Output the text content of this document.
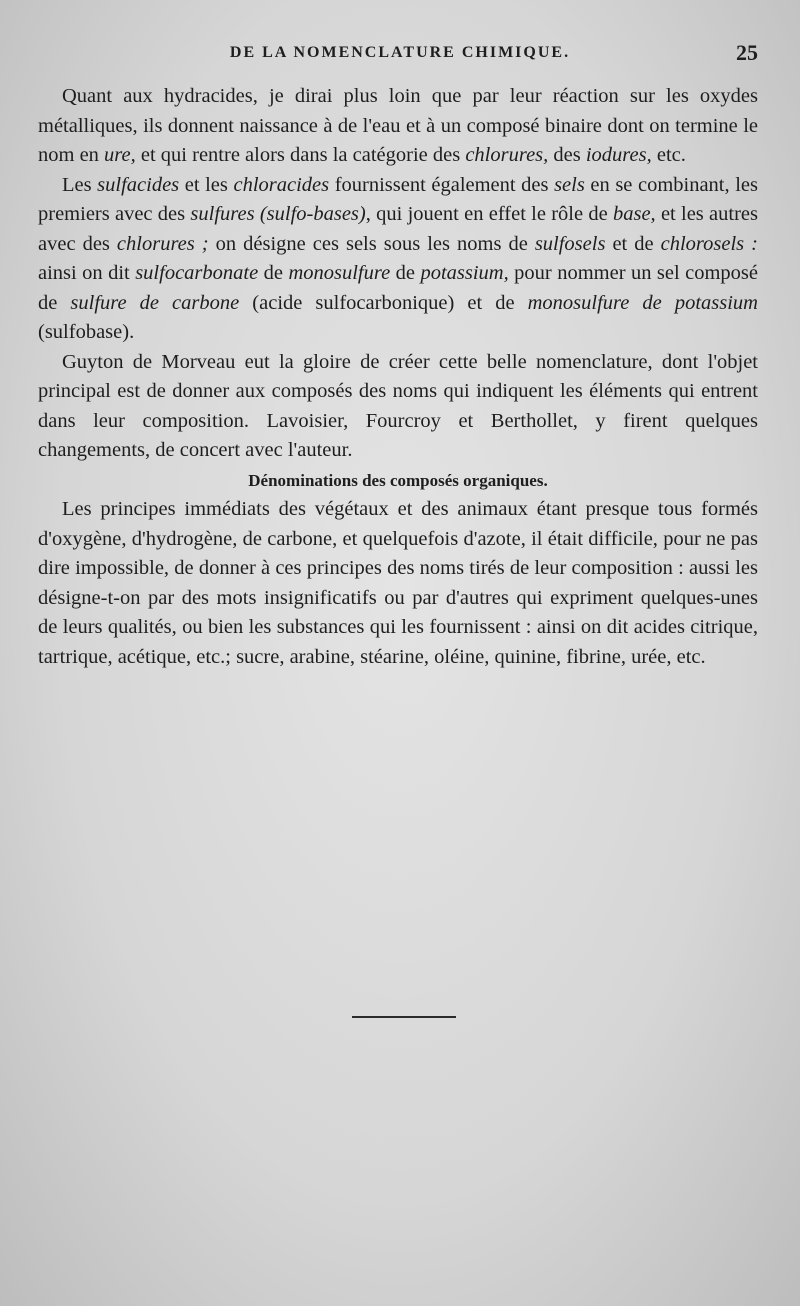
DE LA NOMENCLATURE CHIMIQUE.	25

Quant aux hydracides, je dirai plus loin que par leur réaction sur les oxydes métalliques, ils donnent naissance à de l'eau et à un composé binaire dont on termine le nom en ure, et qui rentre alors dans la catégorie des chlorures, des iodures, etc.

Les sulfacides et les chloracides fournissent également des sels en se combinant, les premiers avec des sulfures (sulfo-bases), qui jouent en effet le rôle de base, et les autres avec des chlorures ; on désigne ces sels sous les noms de sulfosels et de chlorosels : ainsi on dit sulfocarbonate de monosulfure de potassium, pour nommer un sel composé de sulfure de carbone (acide sulfocarbonique) et de monosulfure de potassium (sulfobase).

Guyton de Morveau eut la gloire de créer cette belle nomenclature, dont l'objet principal est de donner aux composés des noms qui indiquent les éléments qui entrent dans leur composition. Lavoisier, Fourcroy et Berthollet, y firent quelques changements, de concert avec l'auteur.

Dénominations des composés organiques.

Les principes immédiats des végétaux et des animaux étant presque tous formés d'oxygène, d'hydrogène, de carbone, et quelquefois d'azote, il était difficile, pour ne pas dire impossible, de donner à ces principes des noms tirés de leur composition : aussi les désigne-t-on par des mots insignificatifs ou par d'autres qui expriment quelques-unes de leurs qualités, ou bien les substances qui les fournissent : ainsi on dit acides citrique, tartrique, acétique, etc.; sucre, arabine, stéarine, oléine, quinine, fibrine, urée, etc.
